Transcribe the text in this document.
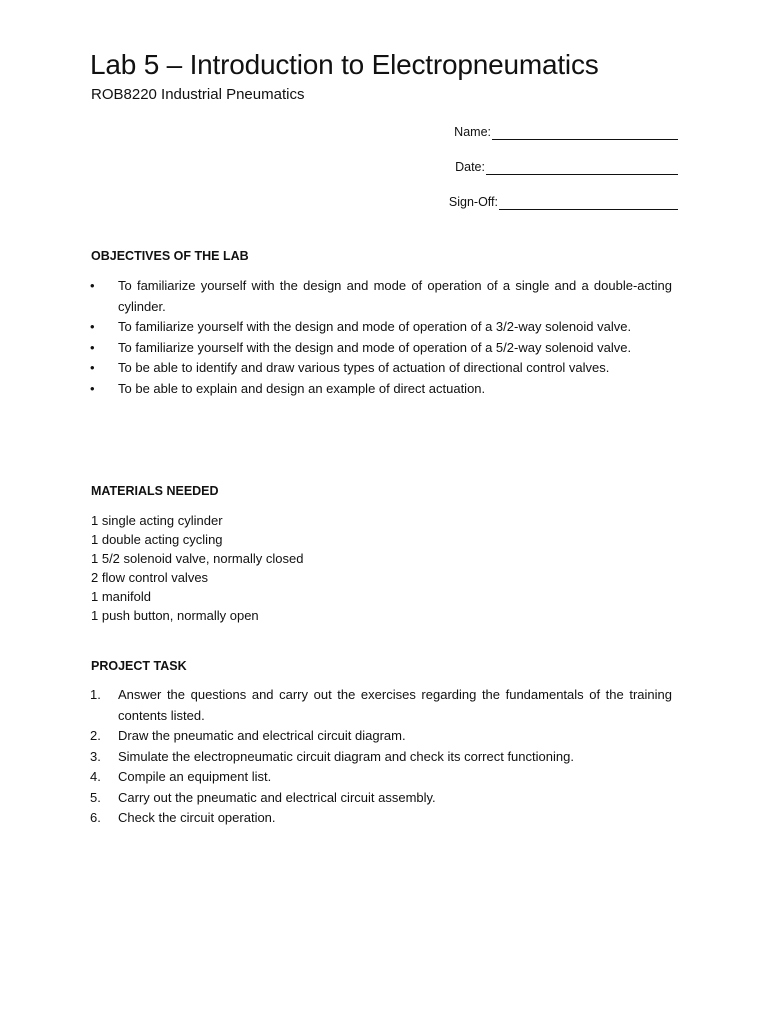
Lab 5 – Introduction to Electropneumatics
ROB8220 Industrial Pneumatics
Name:
Date:
Sign-Off:
OBJECTIVES OF THE LAB
• To familiarize yourself with the design and mode of operation of a single and a double-acting cylinder.
• To familiarize yourself with the design and mode of operation of a 3/2-way solenoid valve.
• To familiarize yourself with the design and mode of operation of a 5/2-way solenoid valve.
• To be able to identify and draw various types of actuation of directional control valves.
• To be able to explain and design an example of direct actuation.
MATERIALS NEEDED
1 single acting cylinder
1 double acting cycling
1 5/2 solenoid valve, normally closed
2 flow control valves
1 manifold
1 push button, normally open
PROJECT TASK
1. Answer the questions and carry out the exercises regarding the fundamentals of the training contents listed.
2. Draw the pneumatic and electrical circuit diagram.
3. Simulate the electropneumatic circuit diagram and check its correct functioning.
4. Compile an equipment list.
5. Carry out the pneumatic and electrical circuit assembly.
6. Check the circuit operation.
